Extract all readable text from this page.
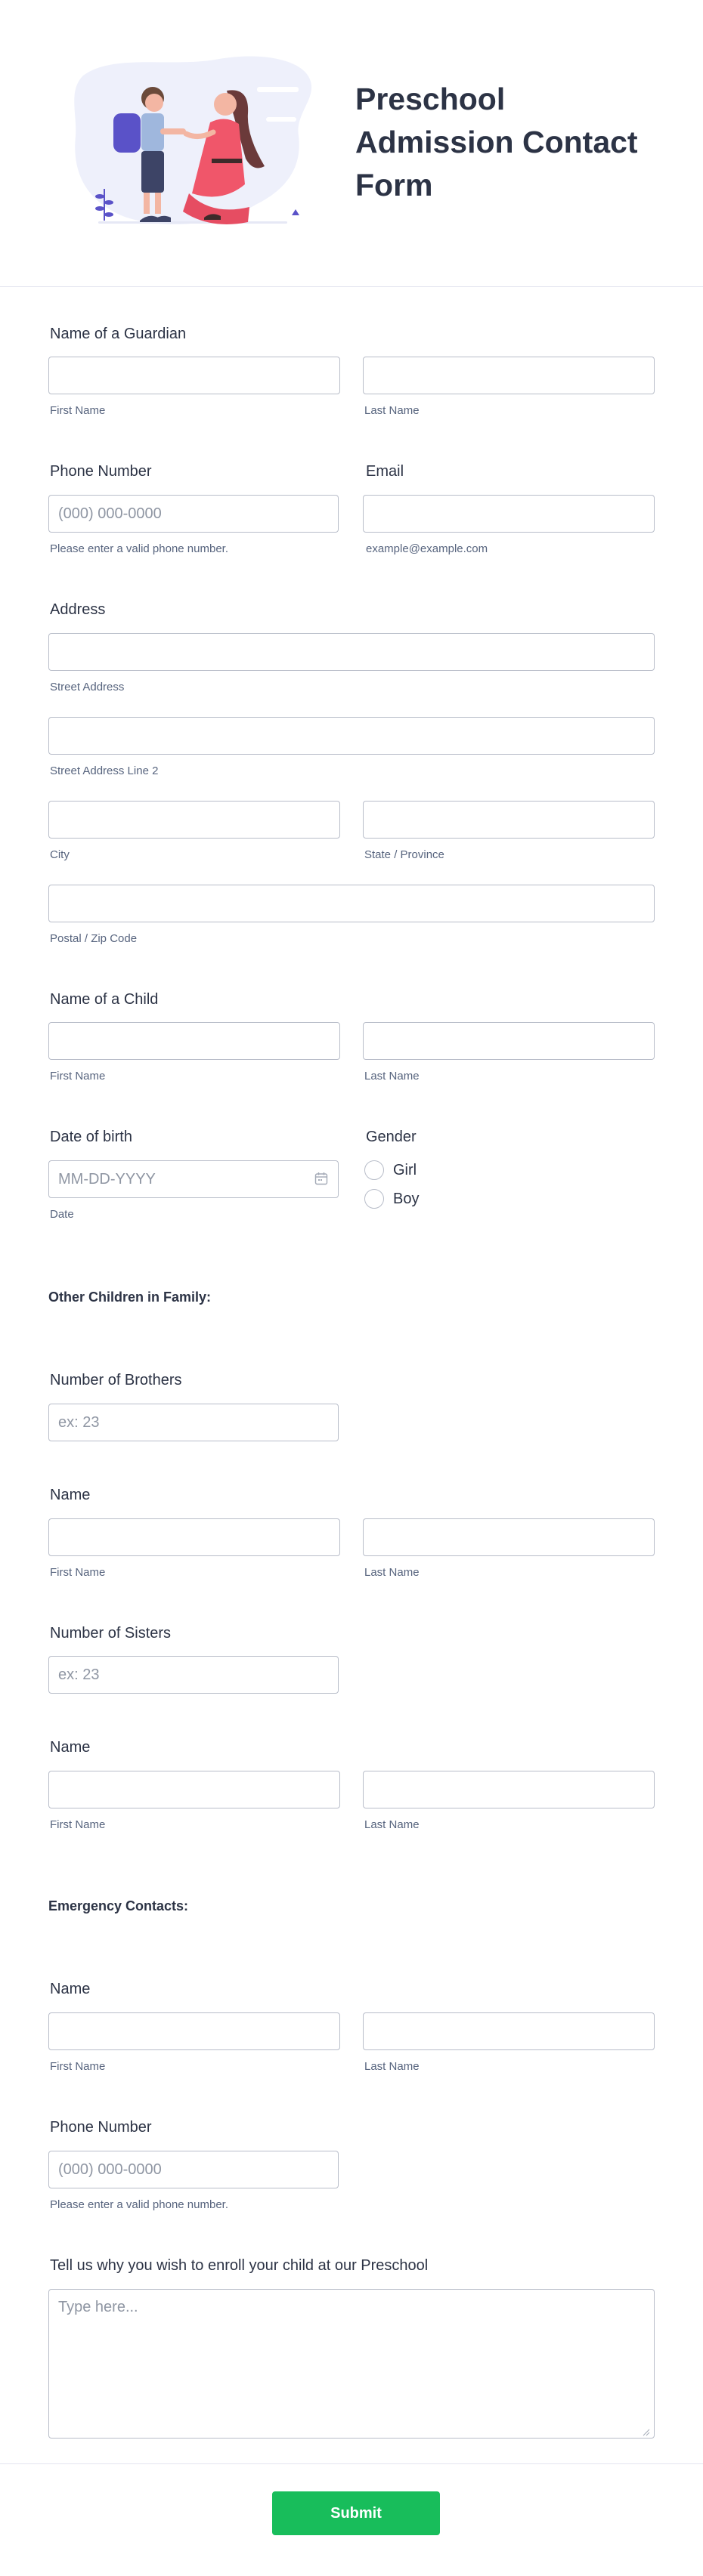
Preschool Admission Contact Form
Name of a Guardian
First Name	Last Name
Phone Number	Email
(000) 000-0000
Please enter a valid phone number.	example@example.com
Address
Street Address
Street Address Line 2
City	State / Province
Postal / Zip Code
Name of a Child
First Name	Last Name
Date of birth	Gender
MM-DD-YYYY
Date
Girl
Boy
Other Children in Family:
Number of Brothers
ex: 23
Name
First Name	Last Name
Number of Sisters
ex: 23
Name
First Name	Last Name
Emergency Contacts:
Name
First Name	Last Name
Phone Number
(000) 000-0000
Please enter a valid phone number.
Tell us why you wish to enroll your child at our Preschool
Type here...
Submit
